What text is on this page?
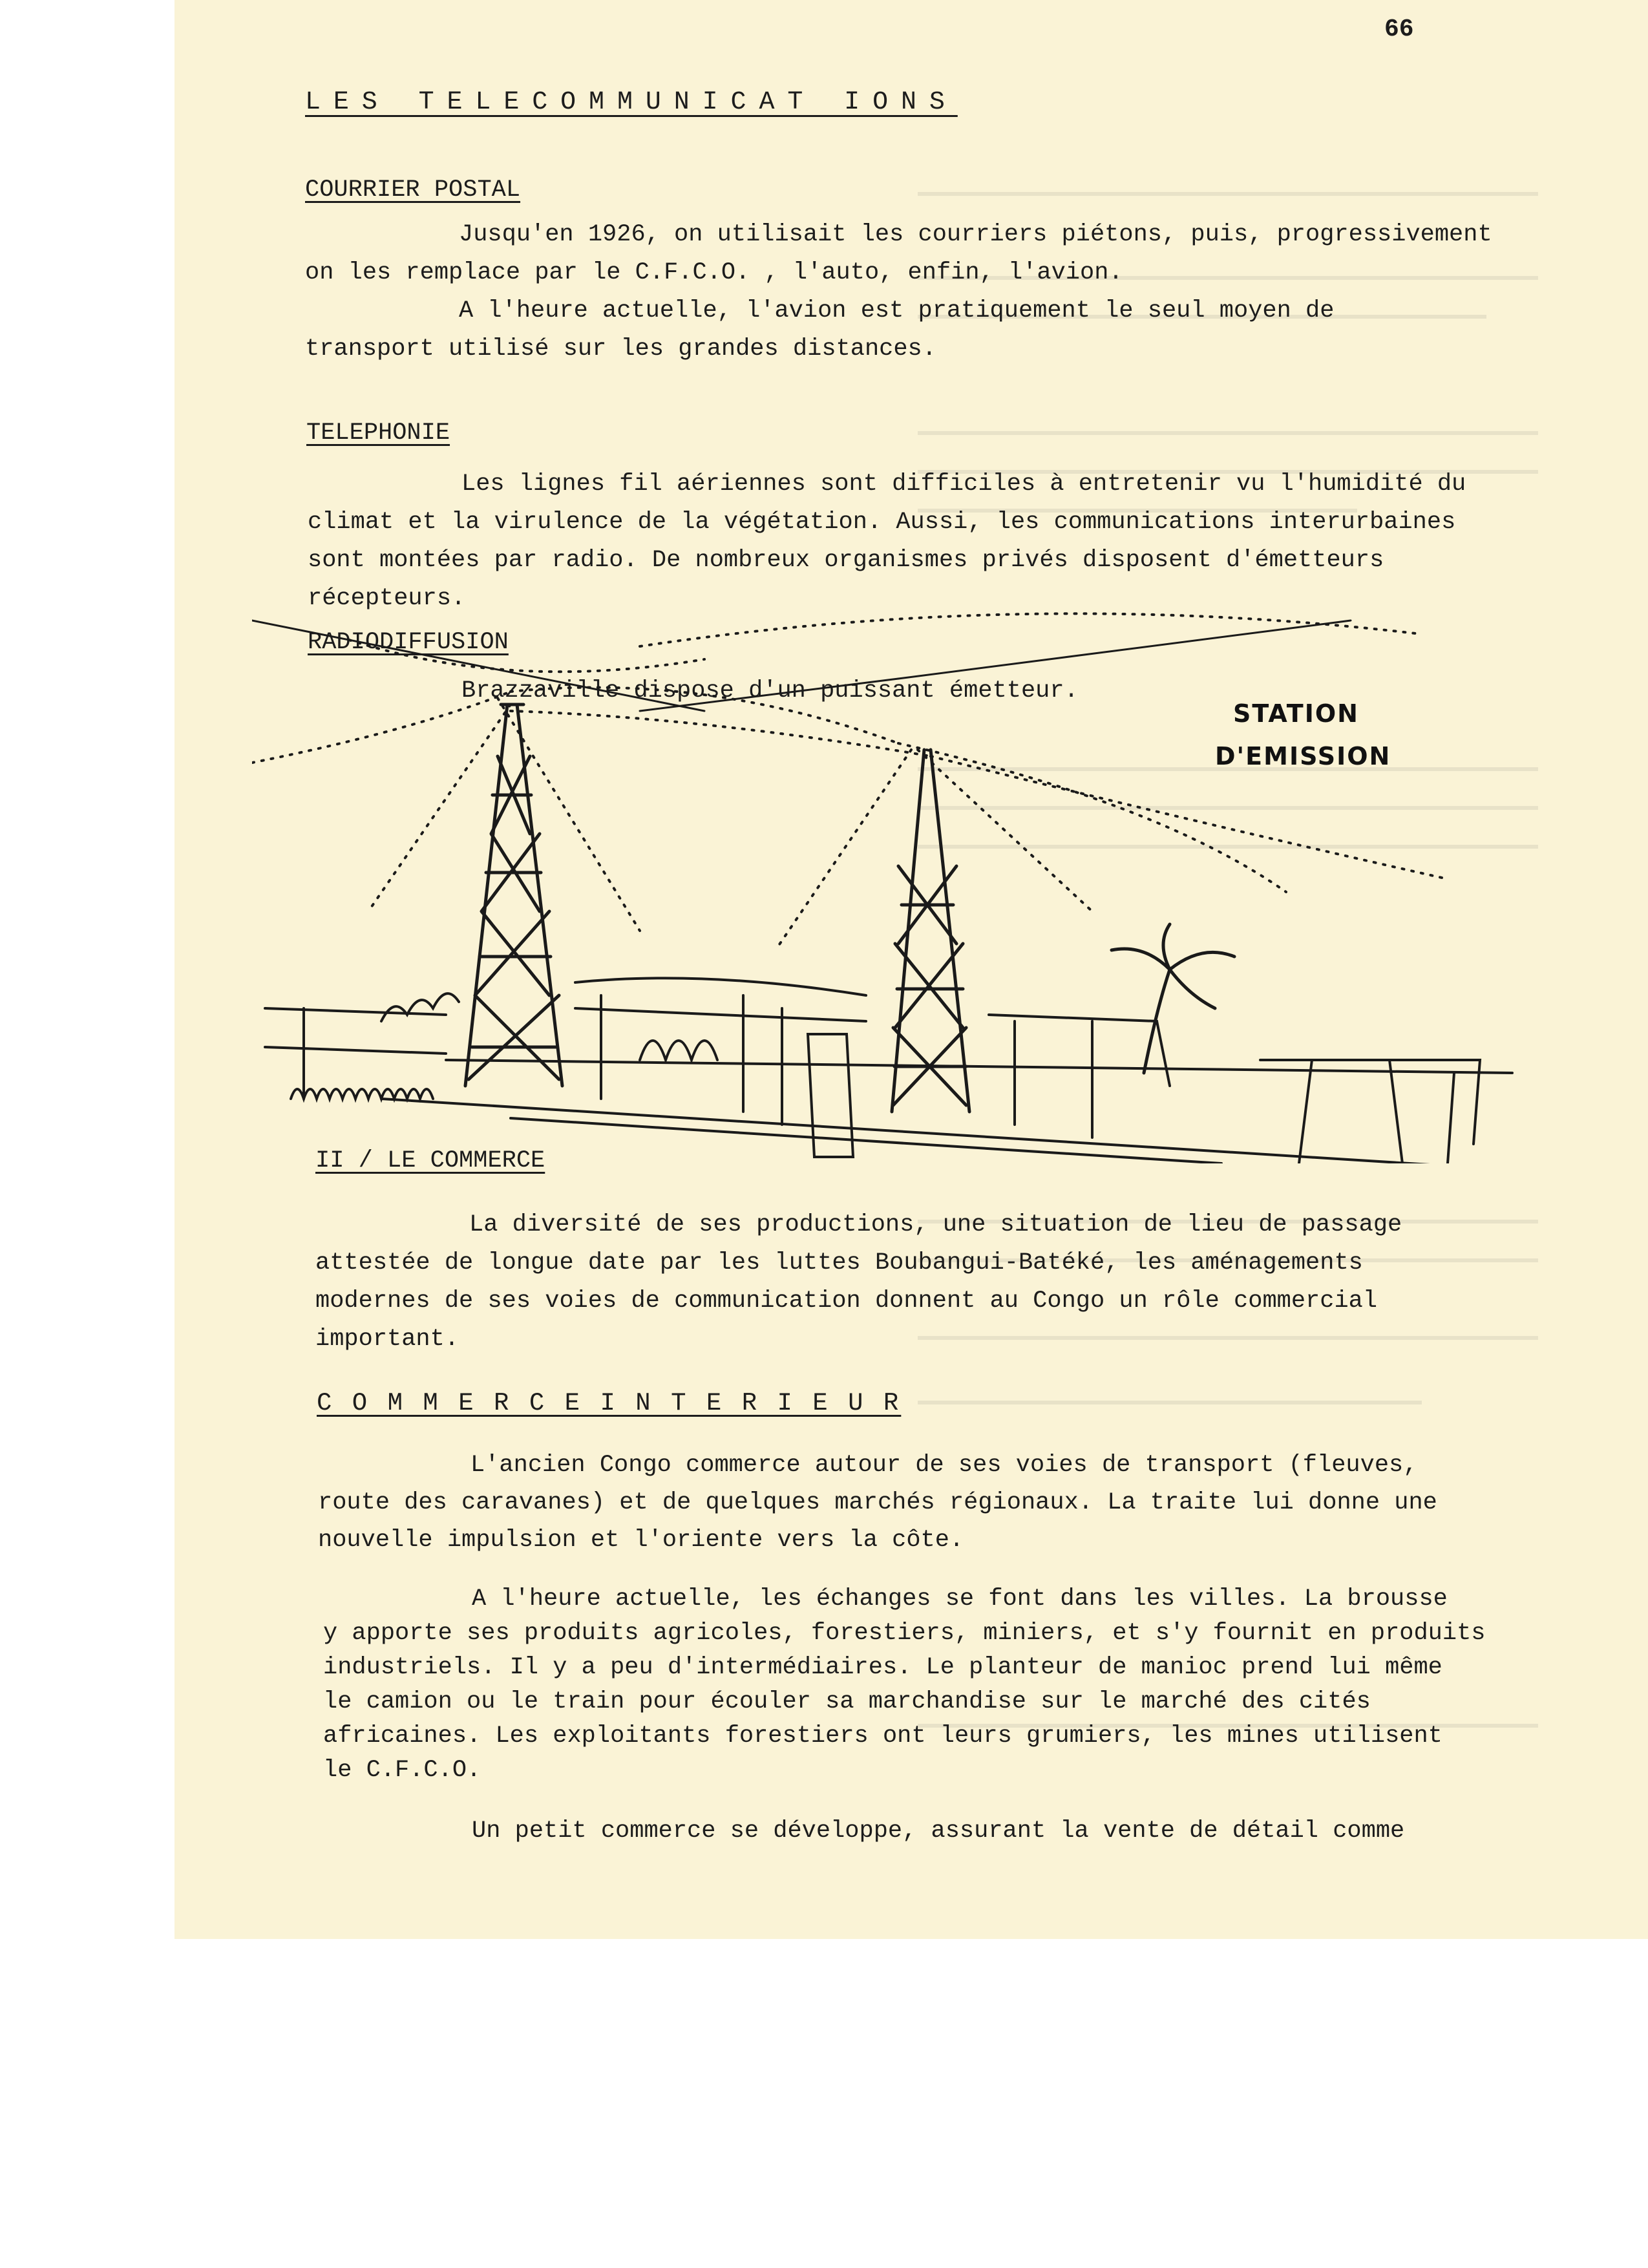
66
LES TELECOMMUNICAT IONS
COURRIER POSTAL

Jusqu'en 1926, on utilisait les courriers piétons, puis, progressivement

on les remplace par le C.F.C.O. , l'auto, enfin, l'avion.

A l'heure actuelle, l'avion est pratiquement le seul moyen de

transport utilisé sur les grandes distances.

TELEPHONIE

Les lignes fil aériennes sont difficiles à entretenir vu l'humidité du

climat et la virulence de la végétation. Aussi, les communications interurbaines

sont montées par radio. De nombreux organismes privés disposent d'émetteurs

récepteurs.

RADIODIFFUSION

Brazzaville dispose d'un puissant émetteur.

STATION
D'EMISSION
II / LE COMMERCE

La diversité de ses productions, une situation de lieu de passage

attestée de longue date par les luttes Boubangui-Batéké, les aménagements

modernes de ses voies de communication donnent au Congo un rôle commercial

important.

C O M M E R C E I N T E R I E U R

L'ancien Congo commerce autour de ses voies de transport (fleuves,

route des caravanes) et de quelques marchés régionaux. La traite lui donne une

nouvelle impulsion et l'oriente vers la côte.

A l'heure actuelle, les échanges se font dans les villes. La brousse

y apporte ses produits agricoles, forestiers, miniers, et s'y fournit en produits

industriels. Il y a peu d'intermédiaires. Le planteur de manioc prend lui même

le camion ou le train pour écouler sa marchandise sur le marché des cités

africaines. Les exploitants forestiers ont leurs grumiers, les mines utilisent

le C.F.C.O.

Un petit commerce se développe, assurant la vente de détail comme
